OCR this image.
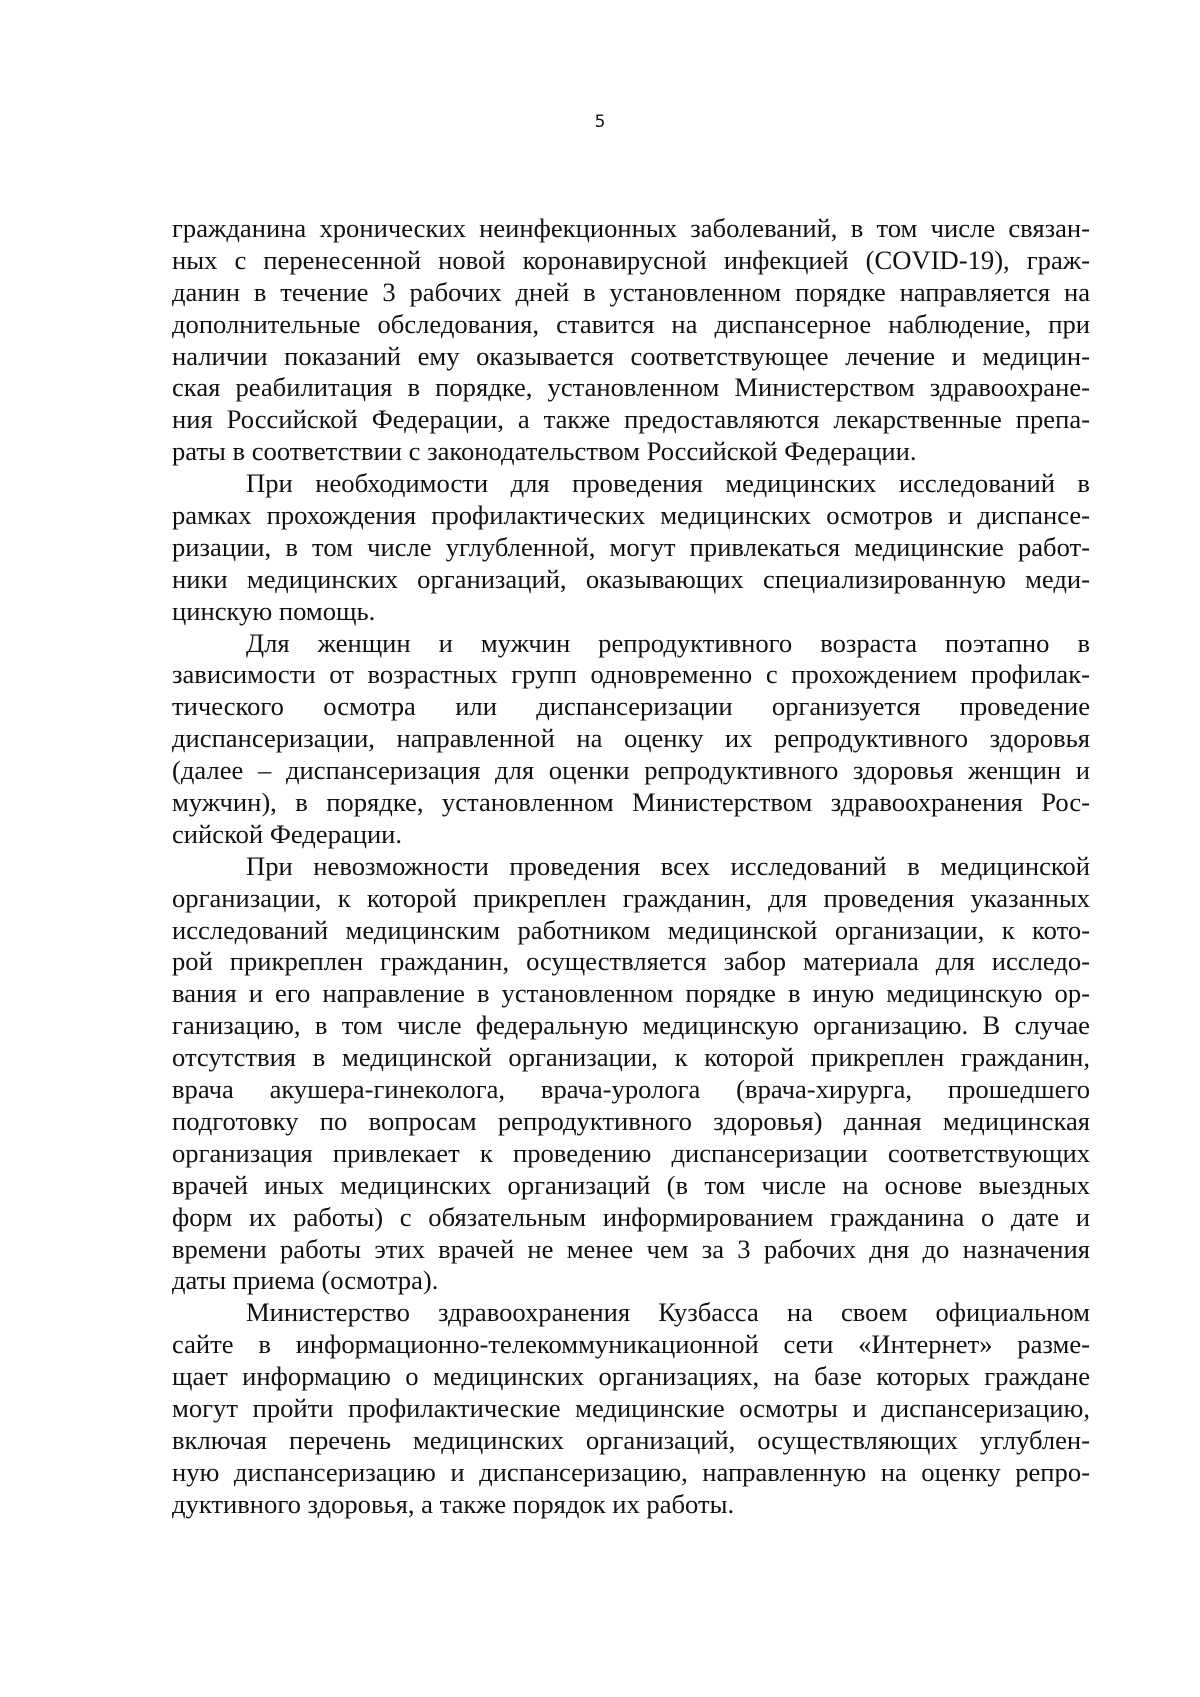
5
гражданина хронических неинфекционных заболеваний, в том числе связан-
ных с перенесенной новой коронавирусной инфекцией (COVID-19), граж-
данин в течение 3 рабочих дней в установленном порядке направляется на
дополнительные обследования, ставится на диспансерное наблюдение, при
наличии показаний ему оказывается соответствующее лечение и медицин-
ская реабилитация в порядке, установленном Министерством здравоохране-
ния Российской Федерации, а также предоставляются лекарственные препа-
раты в соответствии с законодательством Российской Федерации.
При необходимости для проведения медицинских исследований в
рамках прохождения профилактических медицинских осмотров и диспансе-
ризации, в том числе углубленной, могут привлекаться медицинские работ-
ники медицинских организаций, оказывающих специализированную меди-
цинскую помощь.
Для женщин и мужчин репродуктивного возраста поэтапно в
зависимости от возрастных групп одновременно с прохождением профилак-
тического осмотра или диспансеризации организуется проведение
диспансеризации, направленной на оценку их репродуктивного здоровья
(далее – диспансеризация для оценки репродуктивного здоровья женщин и
мужчин), в порядке, установленном Министерством здравоохранения Рос-
сийской Федерации.
При невозможности проведения всех исследований в медицинской
организации, к которой прикреплен гражданин, для проведения указанных
исследований медицинским работником медицинской организации, к кото-
рой прикреплен гражданин, осуществляется забор материала для исследо-
вания и его направление в установленном порядке в иную медицинскую ор-
ганизацию, в том числе федеральную медицинскую организацию. В случае
отсутствия в медицинской организации, к которой прикреплен гражданин,
врача акушера-гинеколога, врача-уролога (врача-хирурга, прошедшего
подготовку по вопросам репродуктивного здоровья) данная медицинская
организация привлекает к проведению диспансеризации соответствующих
врачей иных медицинских организаций (в том числе на основе выездных
форм их работы) с обязательным информированием гражданина о дате и
времени работы этих врачей не менее чем за 3 рабочих дня до назначения
даты приема (осмотра).
Министерство здравоохранения Кузбасса на своем официальном
сайте в информационно-телекоммуникационной сети «Интернет» разме-
щает информацию о медицинских организациях, на базе которых граждане
могут пройти профилактические медицинские осмотры и диспансеризацию,
включая перечень медицинских организаций, осуществляющих углублен-
ную диспансеризацию и диспансеризацию, направленную на оценку репро-
дуктивного здоровья, а также порядок их работы.
